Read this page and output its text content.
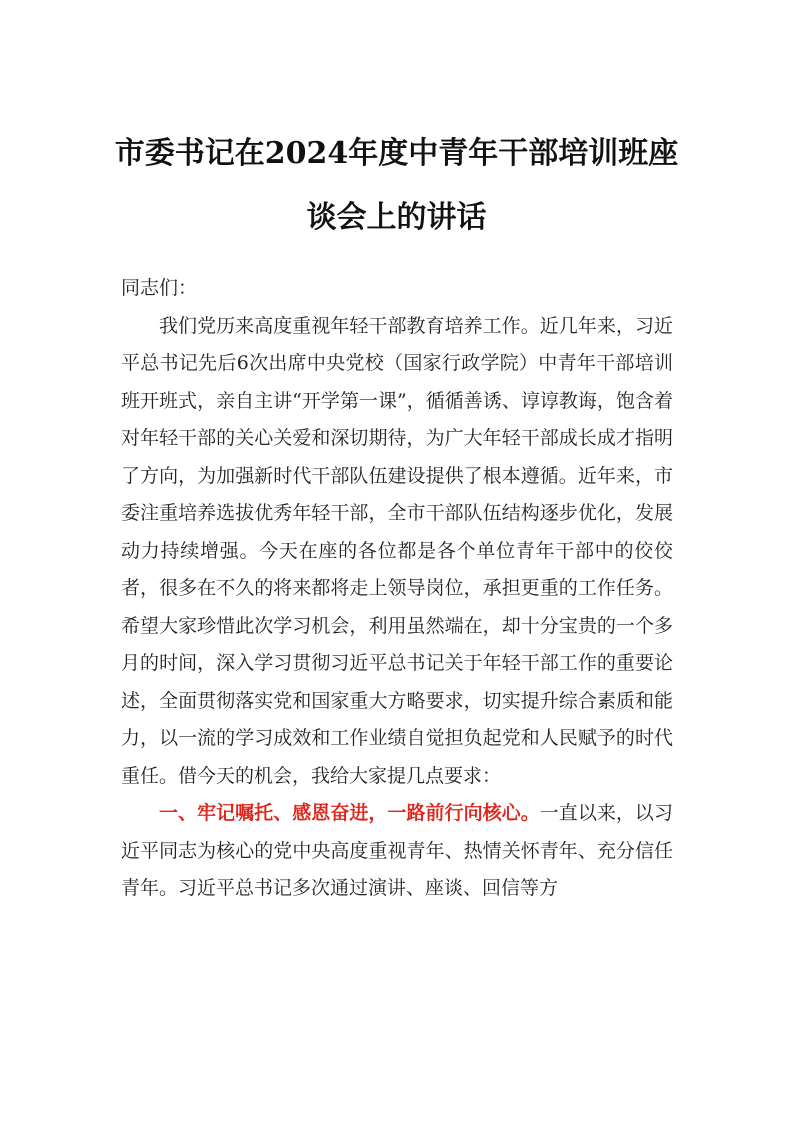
市委书记在2024年度中青年干部培训班座
谈会上的讲话

同志们：

我们党历来高度重视年轻干部教育培养工作。近几年来，习近平总书记先后6次出席中央党校（国家行政学院）中青年干部培训班开班式，亲自主讲“开学第一课”，循循善诱、谆谆教诲，饱含着对年轻干部的关心关爱和深切期待，为广大年轻干部成长成才指明了方向，为加强新时代干部队伍建设提供了根本遵循。近年来，市委注重培养选拔优秀年轻干部，全市干部队伍结构逐步优化，发展动力持续增强。今天在座的各位都是各个单位青年干部中的佼佼者，很多在不久的将来都将走上领导岗位，承担更重的工作任务。希望大家珍惜此次学习机会，利用虽然端在，却十分宝贵的一个多月的时间，深入学习贯彻习近平总书记关于年轻干部工作的重要论述，全面贯彻落实党和国家重大方略要求，切实提升综合素质和能力，以一流的学习成效和工作业绩自觉担负起党和人民赋予的时代重任。借今天的机会，我给大家提几点要求：

一、牢记嘱托、感恩奋进，一路前行向核心。一直以来，以习近平同志为核心的党中央高度重视青年、热情关怀青年、充分信任青年。习近平总书记多次通过演讲、座谈、回信等方
